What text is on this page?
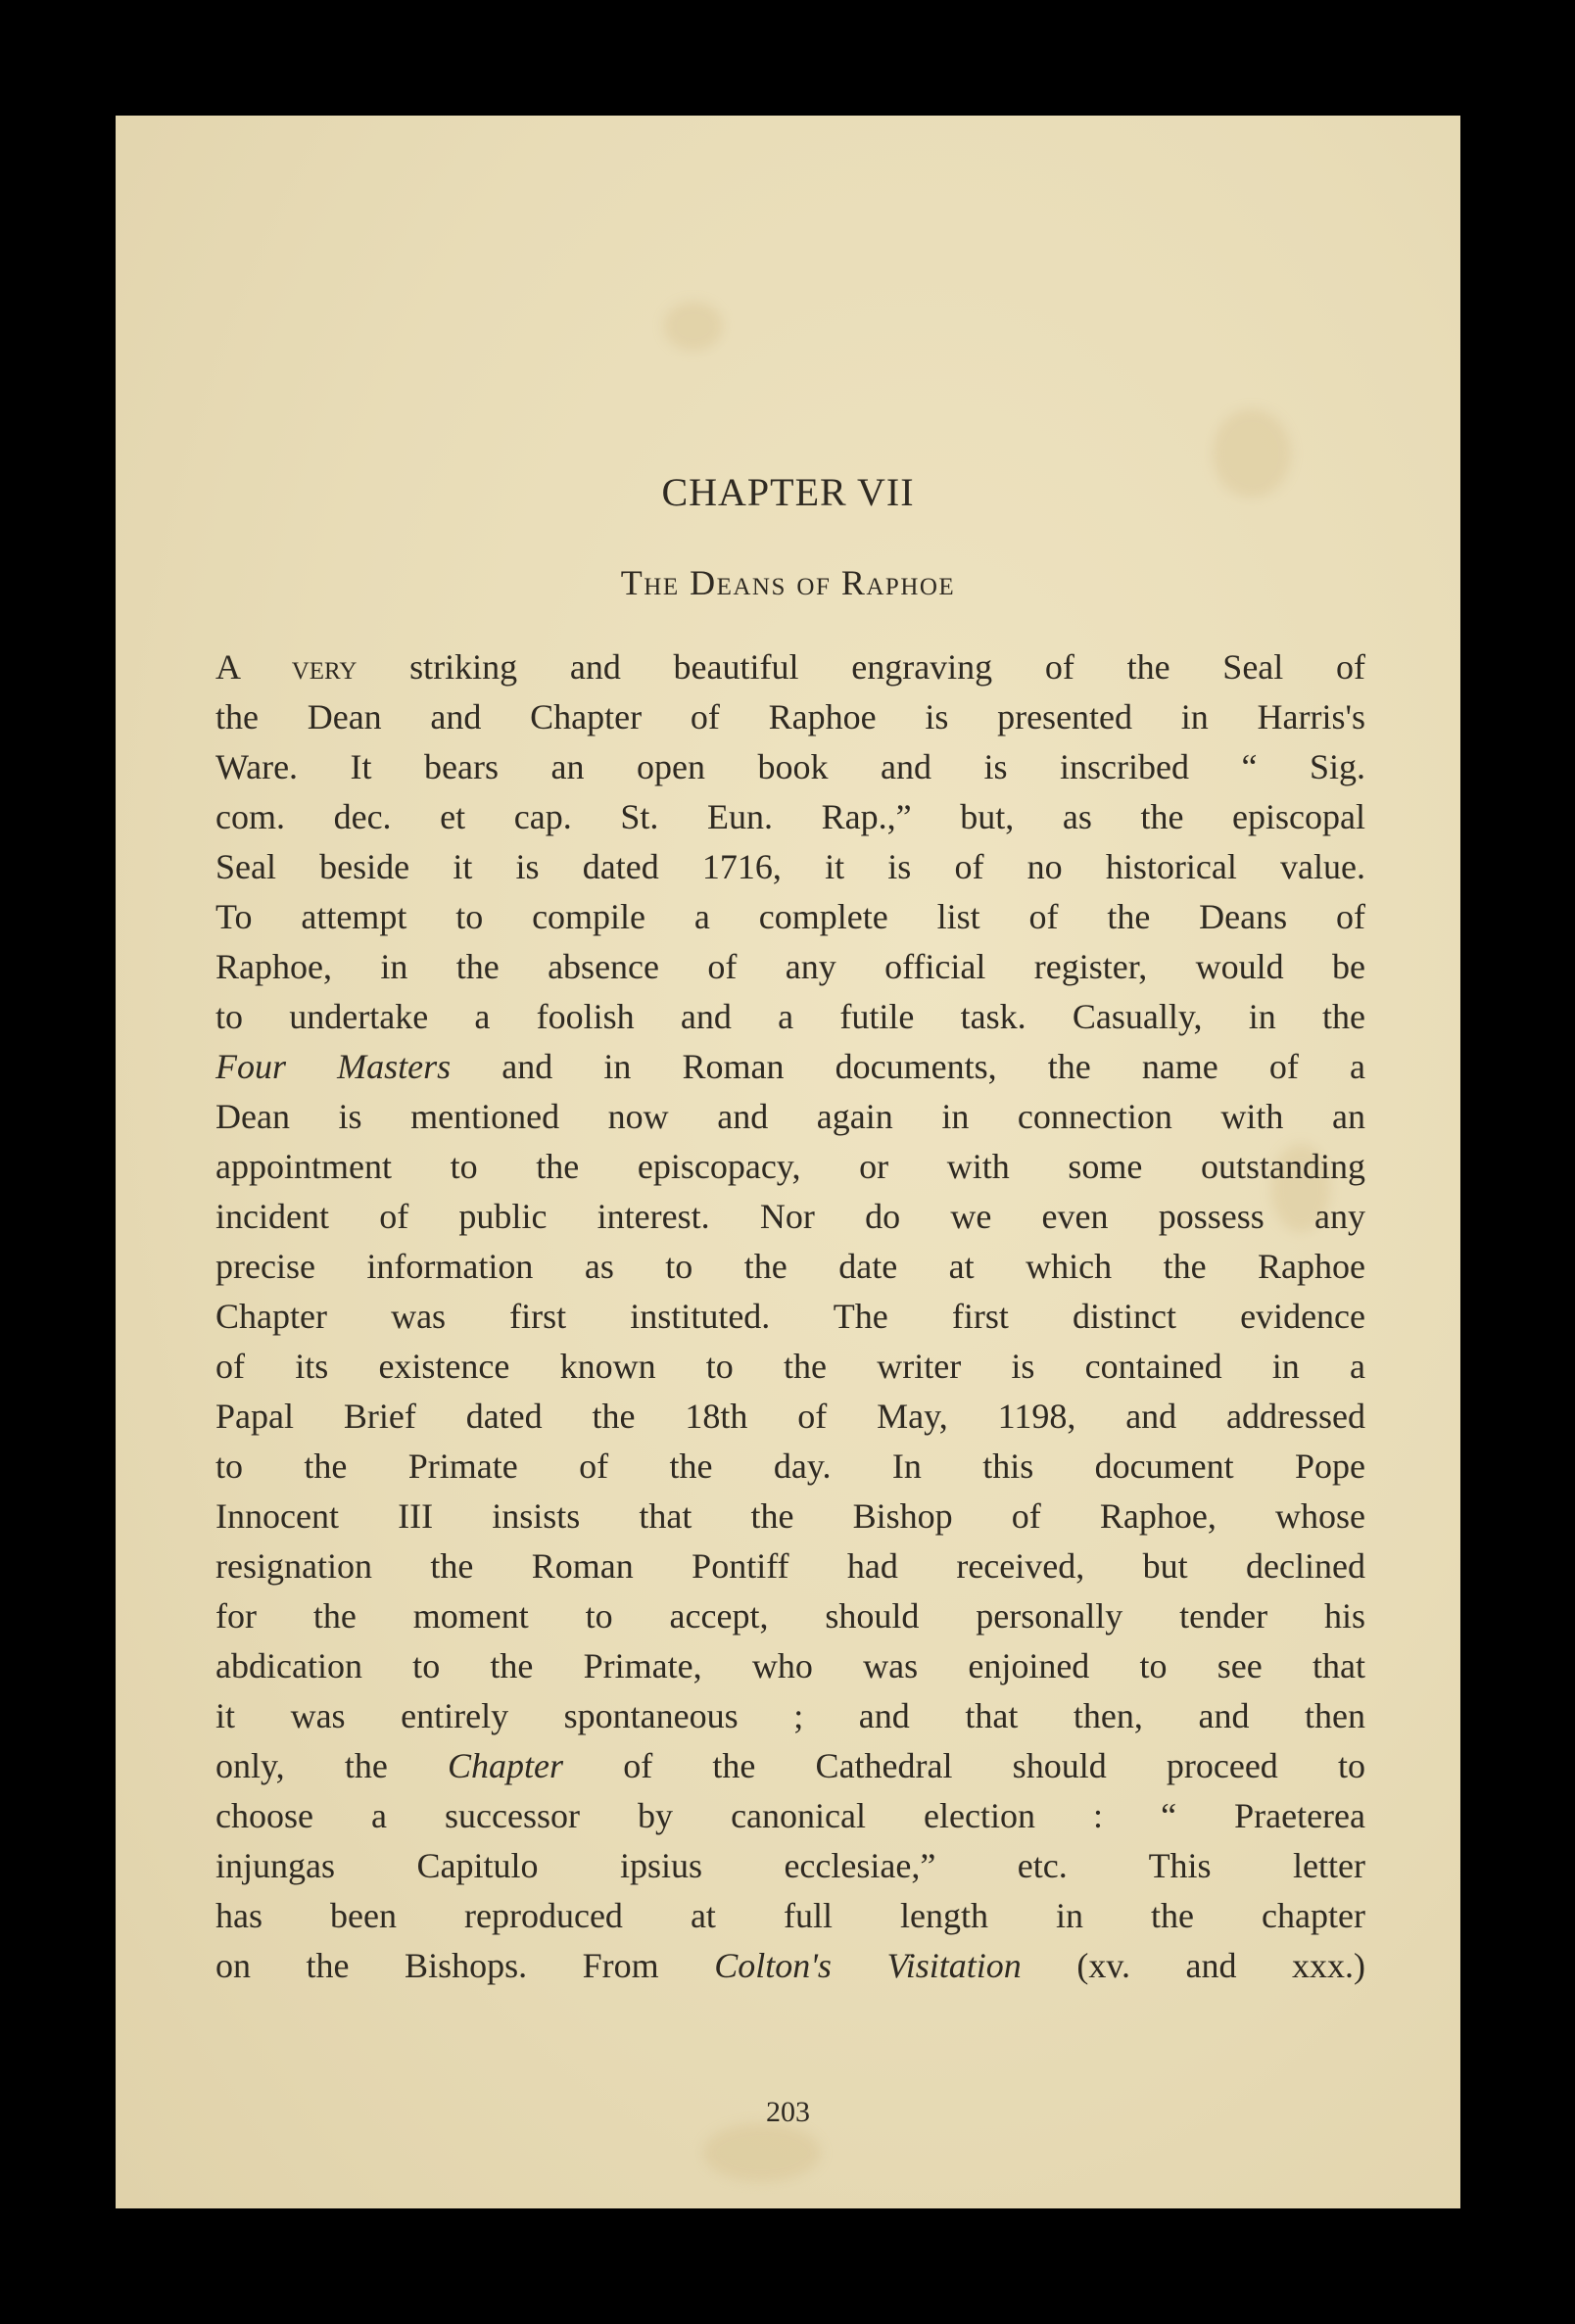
CHAPTER VII
The Deans of Raphoe
A very striking and beautiful engraving of the Seal of
the Dean and Chapter of Raphoe is presented in Harris's
Ware. It bears an open book and is inscribed “ Sig.
com. dec. et cap. St. Eun. Rap.,” but, as the episcopal
Seal beside it is dated 1716, it is of no historical value.
To attempt to compile a complete list of the Deans of
Raphoe, in the absence of any official register, would be
to undertake a foolish and a futile task. Casually, in the
Four Masters and in Roman documents, the name of a
Dean is mentioned now and again in connection with an
appointment to the episcopacy, or with some outstanding
incident of public interest. Nor do we even possess any
precise information as to the date at which the Raphoe
Chapter was first instituted. The first distinct evidence
of its existence known to the writer is contained in a
Papal Brief dated the 18th of May, 1198, and addressed
to the Primate of the day. In this document Pope
Innocent III insists that the Bishop of Raphoe, whose
resignation the Roman Pontiff had received, but declined
for the moment to accept, should personally tender his
abdication to the Primate, who was enjoined to see that
it was entirely spontaneous ; and that then, and then
only, the Chapter of the Cathedral should proceed to
choose a successor by canonical election : “ Praeterea
injungas Capitulo ipsius ecclesiae,” etc. This letter
has been reproduced at full length in the chapter
on the Bishops. From Colton's Visitation (xv. and xxx.)
203
